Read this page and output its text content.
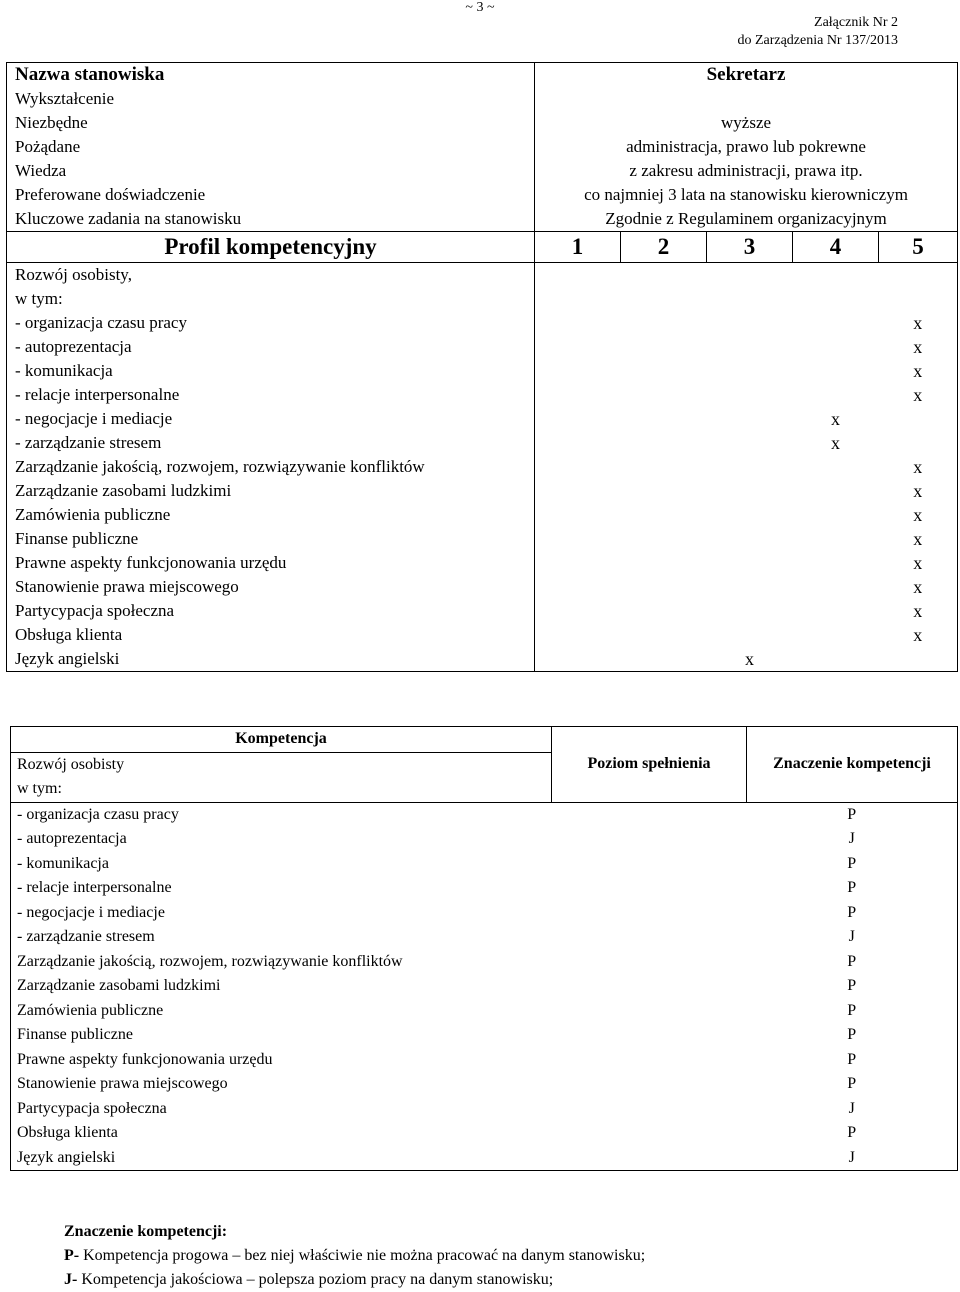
~ 3 ~
Załącznik Nr 2
do Zarządzenia Nr 137/2013
Nazwa stanowiska	Sekretarz				
Wykształcenie					
Niezbędne	wyższe				
Pożądane	administracja, prawo lub pokrewne				
Wiedza	z zakresu administracji, prawa itp.				
Preferowane doświadczenie	co najmniej 3 lata na stanowisku kierowniczym				
Kluczowe zadania na stanowisku	Zgodnie z Regulaminem organizacyjnym				
Profil kompetencyjny	1	2	3	4	5
Rozwój osobisty,					
w tym:					
- organizacja czasu pracy					x
- autoprezentacja					x
- komunikacja					x
- relacje interpersonalne					x
- negocjacje i mediacje				x	
- zarządzanie stresem				x	
Zarządzanie jakością, rozwojem, rozwiązywanie konfliktów					x
Zarządzanie zasobami ludzkimi					x
Zamówienia publiczne					x
Finanse publiczne					x
Prawne aspekty funkcjonowania urzędu					x
Stanowienie prawa miejscowego					x
Partycypacja społeczna					x
Obsługa klienta					x
Język angielski			x		
Kompetencja	Poziom spełnienia	Znaczenie kompetencji
Rozwój osobisty		
w tym:		
- organizacja czasu pracy		P
- autoprezentacja		J
- komunikacja		P
- relacje interpersonalne		P
- negocjacje i mediacje		P
- zarządzanie stresem		J
Zarządzanie jakością, rozwojem, rozwiązywanie konfliktów		P
Zarządzanie zasobami ludzkimi		P
Zamówienia publiczne		P
Finanse publiczne		P
Prawne aspekty funkcjonowania urzędu		P
Stanowienie prawa miejscowego		P
Partycypacja społeczna		J
Obsługa klienta		P
Język angielski		J
Znaczenie kompetencji:
P- Kompetencja progowa – bez niej właściwie nie można pracować na danym stanowisku;
J- Kompetencja jakościowa – polepsza poziom pracy na danym stanowisku;
